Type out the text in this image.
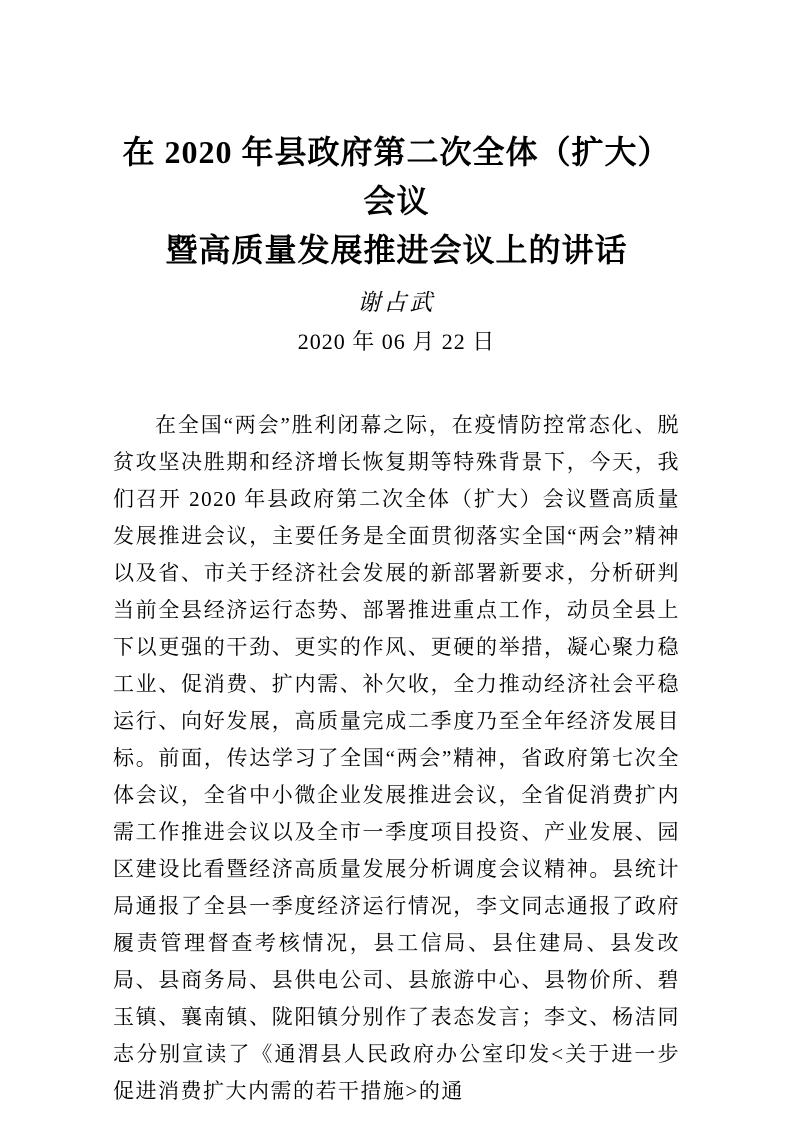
在 2020 年县政府第二次全体（扩大）会议
暨高质量发展推进会议上的讲话
谢占武
2020 年 06 月 22 日

在全国“两会”胜利闭幕之际，在疫情防控常态化、脱贫攻坚决胜期和经济增长恢复期等特殊背景下，今天，我们召开 2020 年县政府第二次全体（扩大）会议暨高质量发展推进会议，主要任务是全面贯彻落实全国“两会”精神以及省、市关于经济社会发展的新部署新要求，分析研判当前全县经济运行态势、部署推进重点工作，动员全县上下以更强的干劲、更实的作风、更硬的举措，凝心聚力稳工业、促消费、扩内需、补欠收，全力推动经济社会平稳运行、向好发展，高质量完成二季度乃至全年经济发展目标。前面，传达学习了全国“两会”精神，省政府第七次全体会议，全省中小微企业发展推进会议，全省促消费扩内需工作推进会议以及全市一季度项目投资、产业发展、园区建设比看暨经济高质量发展分析调度会议精神。县统计局通报了全县一季度经济运行情况，李文同志通报了政府履责管理督查考核情况，县工信局、县住建局、县发改局、县商务局、县供电公司、县旅游中心、县物价所、碧玉镇、襄南镇、陇阳镇分别作了表态发言；李文、杨洁同志分别宣读了《通渭县人民政府办公室印发<关于进一步促进消费扩大内需的若干措施>的通
